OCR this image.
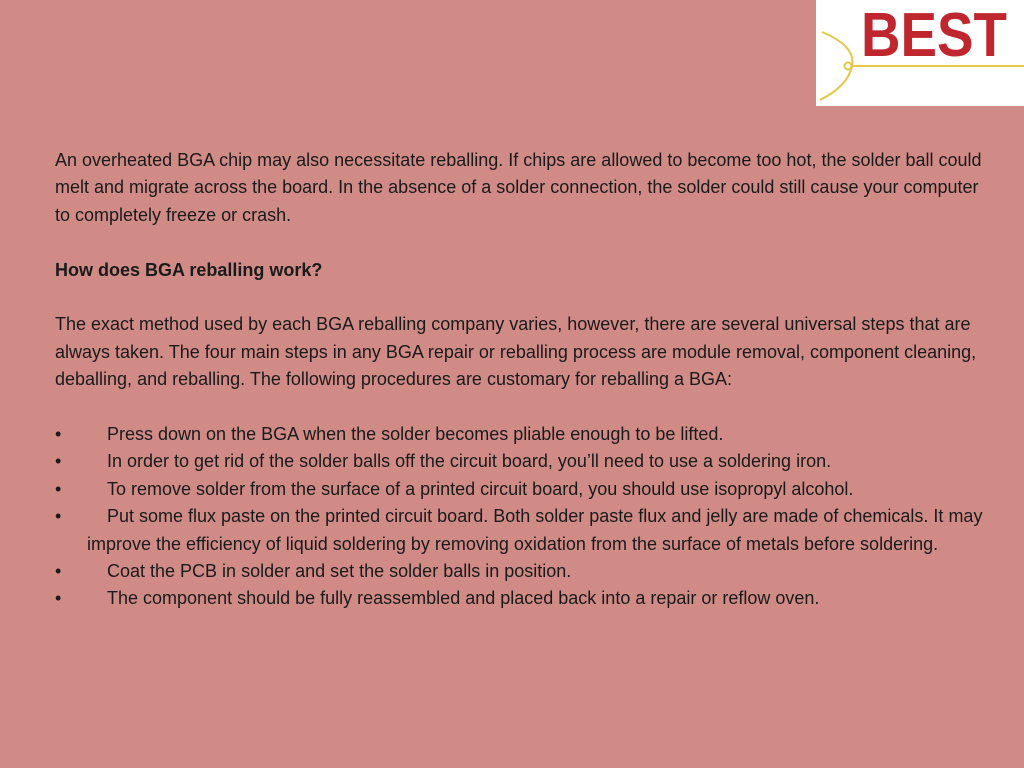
BEST

An overheated BGA chip may also necessitate reballing. If chips are allowed to become too hot, the solder ball could melt and migrate across the board. In the absence of a solder connection, the solder could still cause your computer to completely freeze or crash.

How does BGA reballing work?

The exact method used by each BGA reballing company varies, however, there are several universal steps that are always taken. The four main steps in any BGA repair or reballing process are module removal, component cleaning, deballing, and reballing. The following procedures are customary for reballing a BGA:

•	Press down on the BGA when the solder becomes pliable enough to be lifted.
•	In order to get rid of the solder balls off the circuit board, you’ll need to use a soldering iron.
•	To remove solder from the surface of a printed circuit board, you should use isopropyl alcohol.
•	Put some flux paste on the printed circuit board. Both solder paste flux and jelly are made of chemicals. It may improve the efficiency of liquid soldering by removing oxidation from the surface of metals before soldering.
•	Coat the PCB in solder and set the solder balls in position.
•	The component should be fully reassembled and placed back into a repair or reflow oven.
